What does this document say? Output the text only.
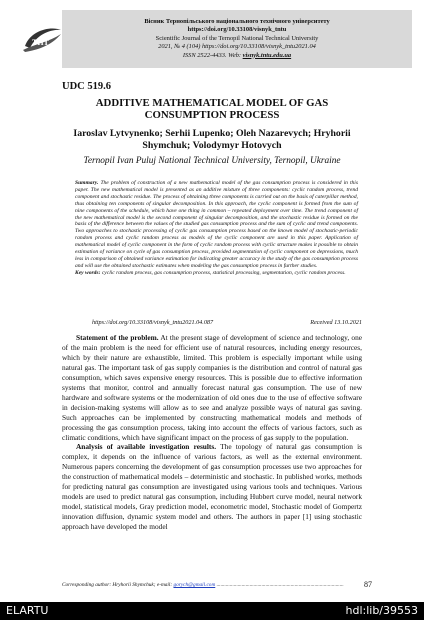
THT
Вісник Тернопільського національного технічного університету
https://doi.org/10.33108/visnyk_tntu
Scientific Journal of the Ternopil National Technical University
2021, № 4 (104) https://doi.org/10.33108/visnyk_tntu2021.04
ISSN 2522-4433. Web: visnyk.tntu.edu.ua
UDC 519.6
ADDITIVE MATHEMATICAL MODEL OF GAS CONSUMPTION PROCESS
Iaroslav Lytvynenko; Serhii Lupenko; Oleh Nazarevych; Hryhorii Shymchuk; Volodymyr Hotovych
Ternopil Ivan Puluj National Technical University, Ternopil, Ukraine
Summary. The problem of construction of a new mathematical model of the gas consumption process is considered in this paper. The new mathematical model is presented as an additive mixture of three components: cyclic random process, trend component and stochastic residue. The process of obtaining three components is carried out on the basis of caterpillar method, thus obtaining ten components of singular decomposition. In this approach, the cyclic component is formed from the sum of nine components of the schedule, which have one thing in common – repeated deployment over time. The trend component of the new mathematical model is the second component of singular decomposition, and the stochastic residue is formed on the basis of the difference between the values of the studied gas consumption process and the sum of cyclic and trend components. Two approaches to stochastic processing of cyclic gas consumption process based on the known model of stochastic-periodic random process and cyclic random process as models of the cyclic component are used in this paper. Application of mathematical model of cyclic component in the form of cyclic random process with cyclic structure makes it possible to obtain estimation of variance on cycle of gas consumption process, provided segmentation of cyclic component on depressions, much less in comparison of obtained variance estimation for indicating greater accuracy in the study of the gas consumption process and will use the obtained stochastic estimates when modeling the gas consumption process in further studies.
Key words: cyclic random process, gas consumption process, statistical processing, segmentation, cyclic random process.
https://doi.org/10.33108/visnyk_tntu2021.04.087	Received 13.10.2021

Statement of the problem. At the present stage of development of science and technology, one of the main problem is the need for efficient use of natural resources, including energy resources, which by their nature are exhaustible, limited. This problem is especially important while using natural gas. The important task of gas supply companies is the distribution and control of natural gas consumption, which saves expensive energy resources. This is possible due to effective information systems that monitor, control and annually forecast natural gas consumption. The use of new hardware and software systems or the modernization of old ones due to the use of effective software in decision-making systems will allow as to see and analyze possible ways of natural gas saving. Such approaches can be implemented by constructing mathematical models and methods of processing the gas consumption process, taking into account the effects of various factors, such as climatic conditions, which have significant impact on the process of gas supply to the population.

Analysis of available investigation results. The topology of natural gas consumption is complex, it depends on the influence of various factors, as well as the external environment. Numerous papers concerning the development of gas consumption processes use two approaches for the construction of mathematical models – deterministic and stochastic. In published works, methods for predicting natural gas consumption are investigated using various tools and techniques. Various models are used to predict natural gas consumption, including Hubbert curve model, neural network model, statistical models, Gray prediction model, econometric model, Stochastic model of Gompertz innovation diffusion, dynamic system model and others. The authors in paper [1] using stochastic approach have developed the model

Corresponding author: Hryhorii Shymchuk; e-mail: gorych@gmail.com ................................................................................................	87
ELARTU	hdl:lib/39553
